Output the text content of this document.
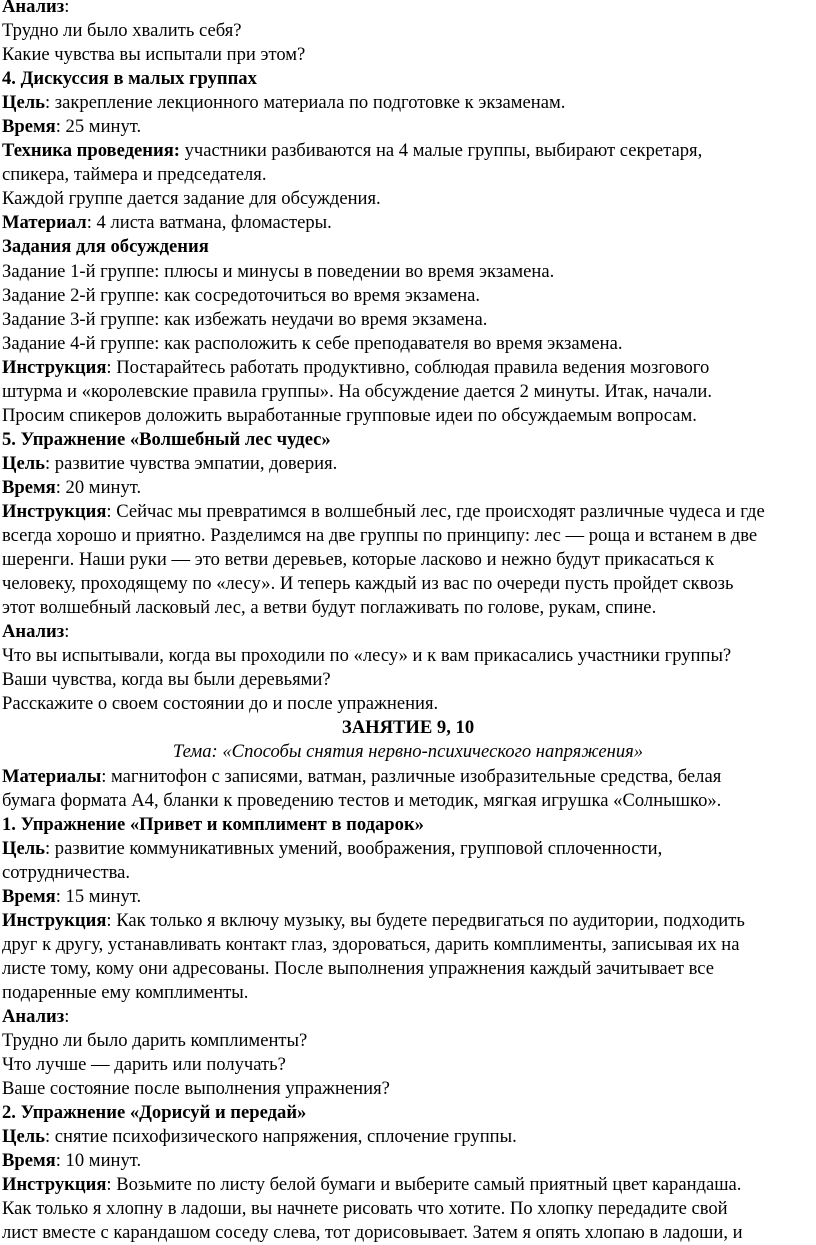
Анализ:
Трудно ли было хвалить себя?
Какие чувства вы испытали при этом?
4. Дискуссия в малых группах
Цель: закрепление лекционного материала по подготовке к экзаменам.
Время: 25 минут.
Техника проведения: участники разбиваются на 4 малые группы, выбирают секретаря,
спикера, таймера и председателя.
Каждой группе дается задание для обсуждения.
Материал: 4 листа ватмана, фломастеры.
Задания для обсуждения
Задание 1-й группе: плюсы и минусы в поведении во время экзамена.
Задание 2-й группе: как сосредоточиться во время экзамена.
Задание 3-й группе: как избежать неудачи во время экзамена.
Задание 4-й группе: как расположить к себе преподавателя во время экзамена.
Инструкция: Постарайтесь работать продуктивно, соблюдая правила ведения мозгового
штурма и «королевские правила группы». На обсуждение дается 2 минуты. Итак, начали.
Просим спикеров доложить выработанные групповые идеи по обсуждаемым вопросам.
5. Упражнение «Волшебный лес чудес»
Цель: развитие чувства эмпатии, доверия.
Время: 20 минут.
Инструкция: Сейчас мы превратимся в волшебный лес, где происходят различные чудеса и где
всегда хорошо и приятно. Разделимся на две группы по принципу: лес — роща и встанем в две
шеренги. Наши руки — это ветви деревьев, которые ласково и нежно будут прикасаться к
человеку, проходящему по «лесу». И теперь каждый из вас по очереди пусть пройдет сквозь
этот волшебный ласковый лес, а ветви будут поглаживать по голове, рукам, спине.
Анализ:
Что вы испытывали, когда вы проходили по «лесу» и к вам прикасались участники группы?
Ваши чувства, когда вы были деревьями?
Расскажите о своем состоянии до и после упражнения.
ЗАНЯТИЕ 9, 10
Тема: «Способы снятия нервно-психического напряжения»
Материалы: магнитофон с записями, ватман, различные изобразительные средства, белая
бумага формата А4, бланки к проведению тестов и методик, мягкая игрушка «Солнышко».
1. Упражнение «Привет и комплимент в подарок»
Цель: развитие коммуникативных умений, воображения, групповой сплоченности,
сотрудничества.
Время: 15 минут.
Инструкция: Как только я включу музыку, вы будете передвигаться по аудитории, подходить
друг к другу, устанавливать контакт глаз, здороваться, дарить комплименты, записывая их на
листе тому, кому они адресованы. После выполнения упражнения каждый зачитывает все
подаренные ему комплименты.
Анализ:
Трудно ли было дарить комплименты?
Что лучше — дарить или получать?
Ваше состояние после выполнения упражнения?
2. Упражнение «Дорисуй и передай»
Цель: снятие психофизического напряжения, сплочение группы.
Время: 10 минут.
Инструкция: Возьмите по листу белой бумаги и выберите самый приятный цвет карандаша.
Как только я хлопну в ладоши, вы начнете рисовать что хотите. По хлопку передадите свой
лист вместе с карандашом соседу слева, тот дорисовывает. Затем я опять хлопаю в ладоши, и
